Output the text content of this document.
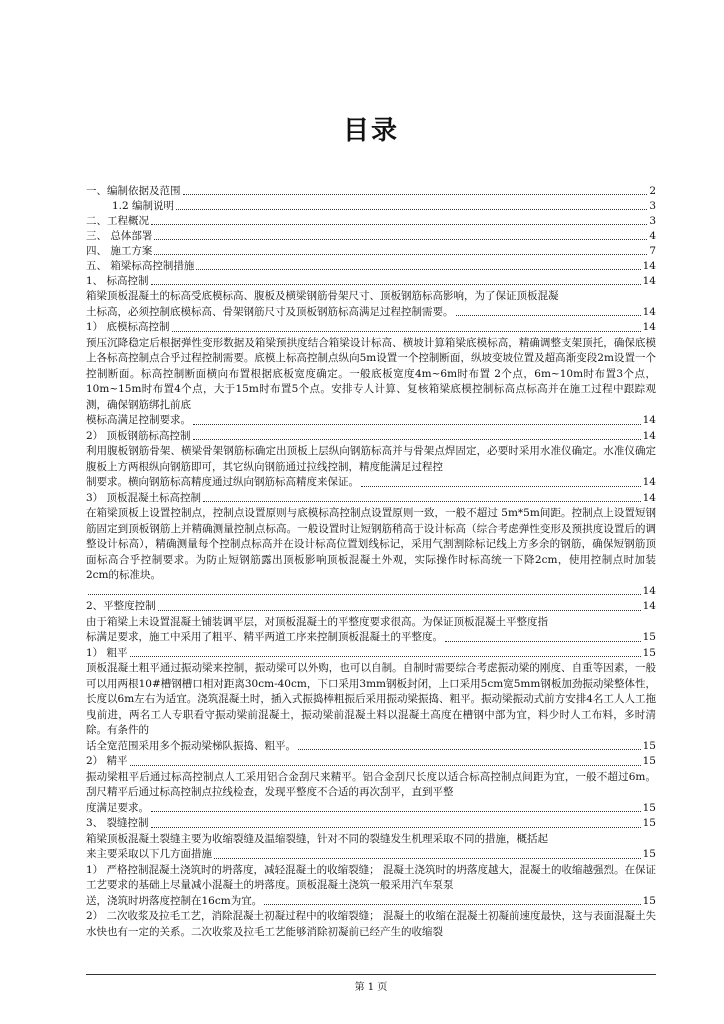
目录
一、编制依据及范围	2
1.2 编制说明	3
二、工程概况	3
三、 总体部署	4
四、 施工方案	7
五、 箱梁标高控制措施	14
1、 标高控制	14
箱梁顶板混凝土的标高受底模标高、腹板及横梁钢筋骨架尺寸、顶板钢筋标高影响，为了保证顶板混凝
土标高，必须控制底模标高、骨架钢筋尺寸及顶板钢筋标高满足过程控制需要。	14
1） 底模标高控制	14
预压沉降稳定后根据弹性变形数据及箱梁预拱度结合箱梁设计标高、横坡计算箱梁底模标高，精确调整支架顶托，确保底模上各标高控制点合乎过程控制需要。底模上标高控制点纵向5m设置一个控制断面，纵坡变坡位置及超高渐变段2m设置一个控制断面。标高控制断面横向布置根据底板宽度确定。一般底板宽度4m~6m时布置 2个点，6m~10m时布置3个点，10m~15m时布置4个点，大于15m时布置5个点。安排专人计算、复核箱梁底模控制标高点标高并在施工过程中跟踪观测，确保钢筋绑扎前底
模标高满足控制要求。	14
2） 顶板钢筋标高控制	14
利用腹板钢筋骨架、横梁骨架钢筋标确定出顶板上层纵向钢筋标高并与骨架点焊固定，必要时采用水准仪确定。水准仪确定腹板上方两根纵向钢筋即可，其它纵向钢筋通过拉线控制，精度能满足过程控
制要求。横向钢筋标高精度通过纵向钢筋标高精度来保证。	14
3） 顶板混凝土标高控制	14
在箱梁顶板上设置控制点，控制点设置原则与底模标高控制点设置原则一致，一般不超过 5m*5m间距。控制点上设置短钢筋固定到顶板钢筋上并精确测量控制点标高。一般设置时让短钢筋稍高于设计标高（综合考虑弹性变形及预拱度设置后的调整设计标高），精确测量每个控制点标高并在设计标高位置划线标记，采用气割割除标记线上方多余的钢筋，确保短钢筋顶面标高合乎控制要求。为防止短钢筋露出顶板影响顶板混凝土外观，实际操作时标高统一下降2cm，使用控制点时加装2cm的标准块。
14
2、平整度控制	14
由于箱梁上未设置混凝土铺装调平层，对顶板混凝土的平整度要求很高。为保证顶板混凝土平整度指
标满足要求，施工中采用了粗平、精平两道工序来控制顶板混凝土的平整度。	15
1） 粗平	15
顶板混凝土粗平通过振动梁来控制，振动梁可以外购，也可以自制。自制时需要综合考虑振动梁的刚度、自重等因素，一般可以用两根10#槽钢槽口相对距离30cm-40cm，下口采用3mm钢板封闭，上口采用5cm宽5mm钢板加劲振动梁整体性，长度以6m左右为适宜。浇筑混凝土时，插入式振捣棒粗振后采用振动梁振捣、粗平。振动梁振动式前方安排4名工人人工拖曳前进，两名工人专职看守振动梁前混凝土，振动梁前混凝土料以混凝土高度在槽钢中部为宜，料少时人工布料，多时清除。有条件的
话全宽范围采用多个振动梁梯队振捣、粗平。	15
2） 精平	15
振动梁粗平后通过标高控制点人工采用铝合金刮尺来精平。铝合金刮尺长度以适合标高控制点间距为宜，一般不超过6m。刮尺精平后通过标高控制点拉线检查，发现平整度不合适的再次刮平，直到平整
度满足要求。	15
3、 裂缝控制	15
箱梁顶板混凝土裂缝主要为收缩裂缝及温缩裂缝，针对不同的裂缝发生机理采取不同的措施，概括起
来主要采取以下几方面措施	15
1） 严格控制混凝土浇筑时的坍落度，减轻混凝土的收缩裂缝； 混凝土浇筑时的坍落度越大，混凝土的收缩越强烈。在保证工艺要求的基础上尽量减小混凝土的坍落度。顶板混凝土浇筑一般采用汽车泵泵
送，浇筑时坍落度控制在16cm为宜。	15
2） 二次收浆及拉毛工艺，消除混凝土初凝过程中的收缩裂缝； 混凝土的收缩在混凝土初凝前速度最快，这与表面混凝土失水快也有一定的关系。二次收浆及拉毛工艺能够消除初凝前已经产生的收缩裂
第 1 页
